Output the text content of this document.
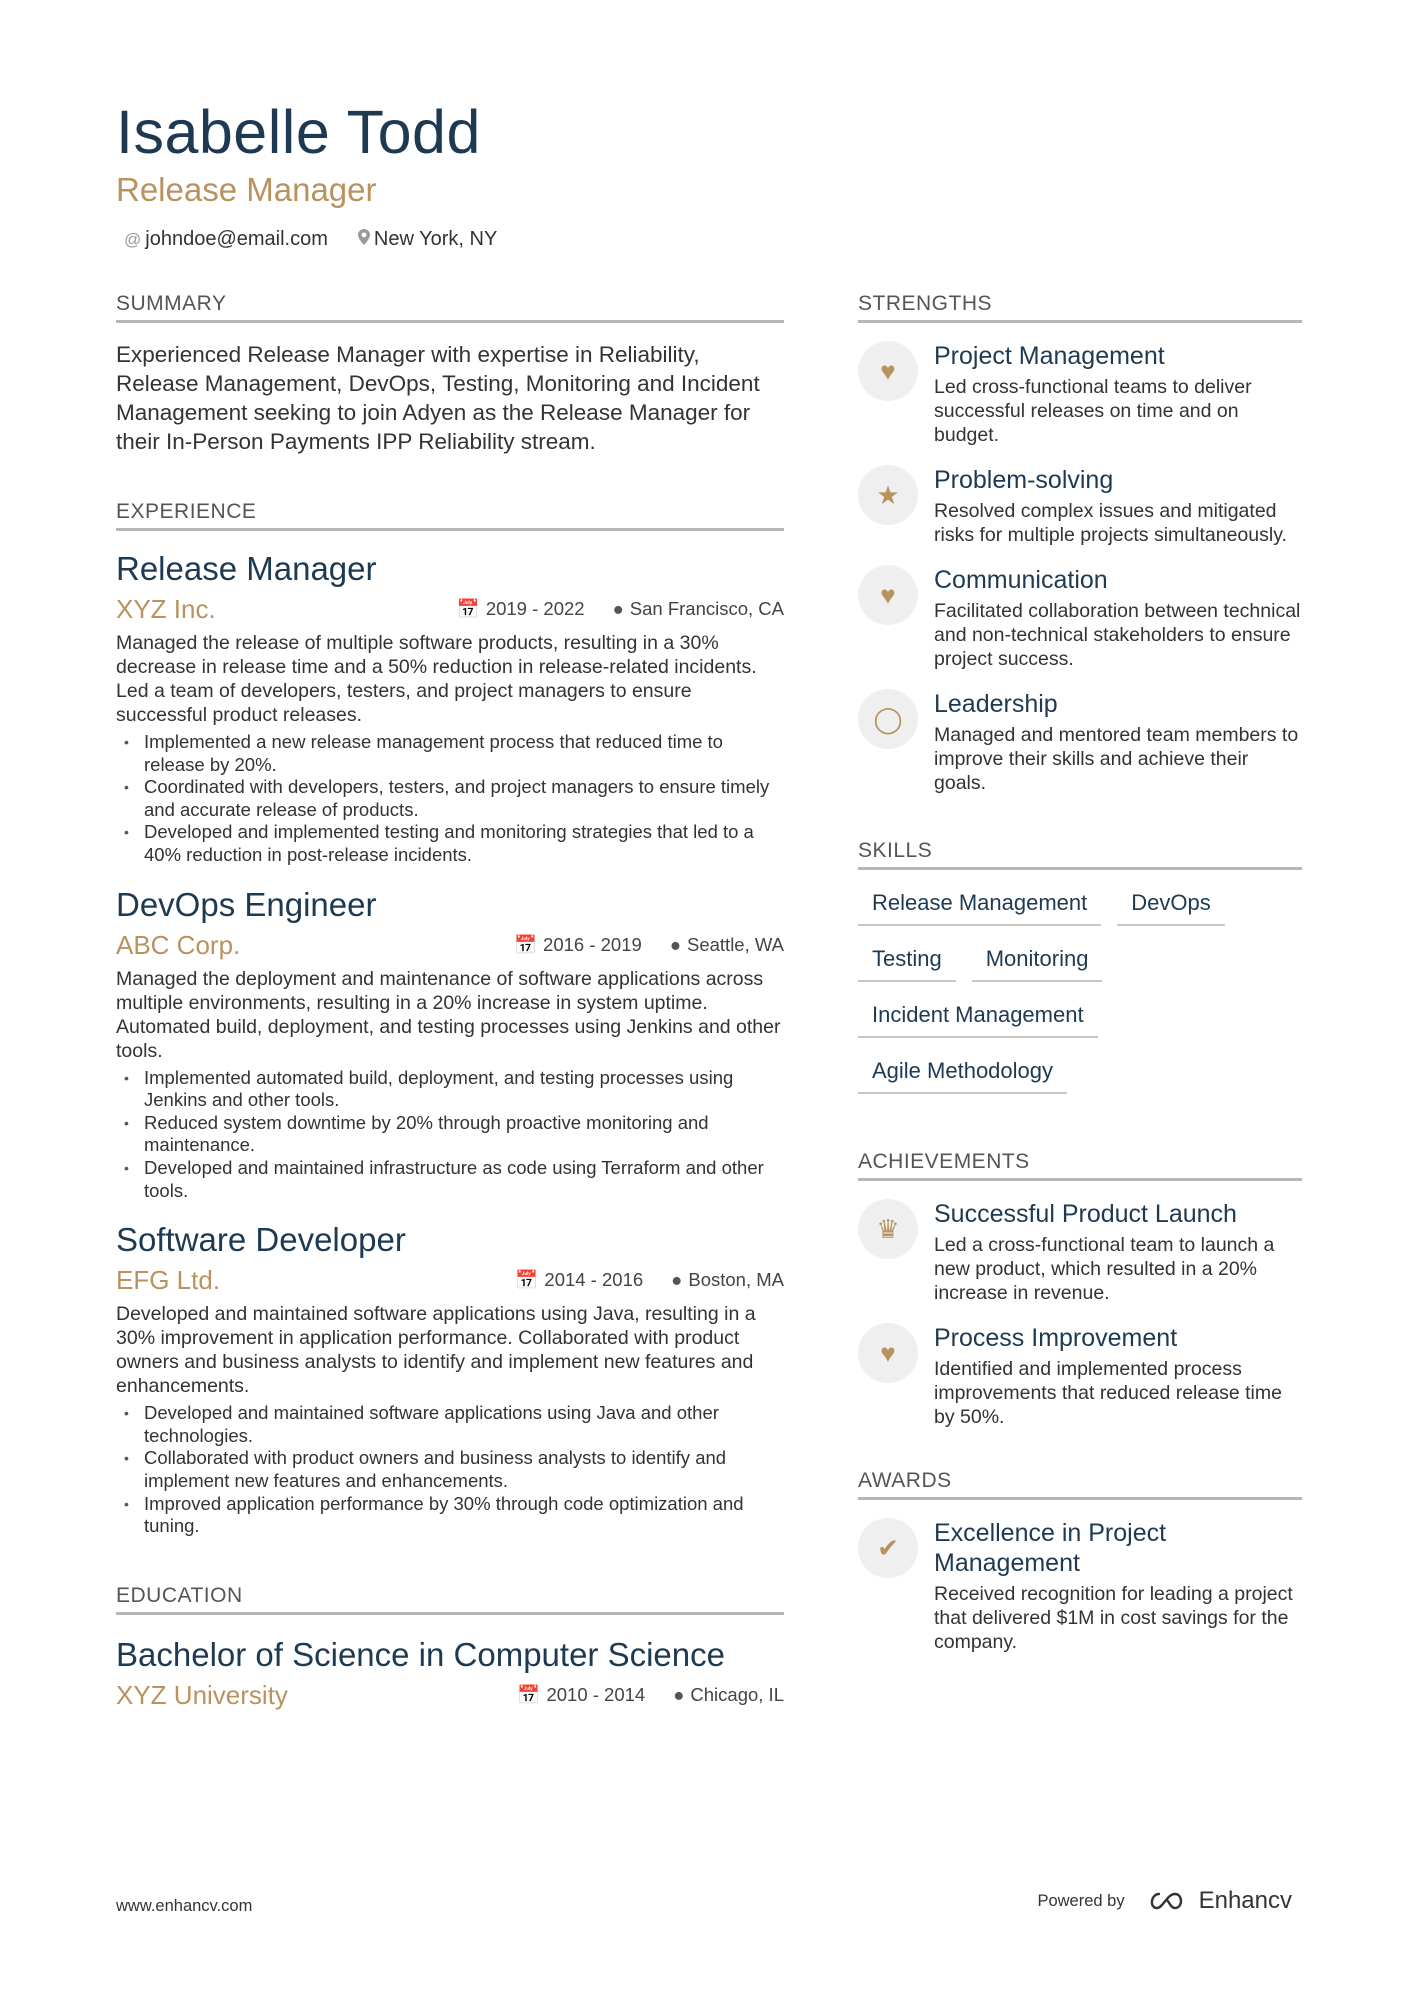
Isabelle Todd
Release Manager
@ johndoe@email.com New York, NY
SUMMARY
Experienced Release Manager with expertise in Reliability, Release Management, DevOps, Testing, Monitoring and Incident Management seeking to join Adyen as the Release Manager for their In-Person Payments IPP Reliability stream.
EXPERIENCE
Release Manager
XYZ Inc.	📅 2019 - 2022 ● San Francisco, CA
Managed the release of multiple software products, resulting in a 30% decrease in release time and a 50% reduction in release-related incidents. Led a team of developers, testers, and project managers to ensure successful product releases.
• Implemented a new release management process that reduced time to release by 20%.
• Coordinated with developers, testers, and project managers to ensure timely and accurate release of products.
• Developed and implemented testing and monitoring strategies that led to a 40% reduction in post-release incidents.
DevOps Engineer
ABC Corp.	📅 2016 - 2019 ● Seattle, WA
Managed the deployment and maintenance of software applications across multiple environments, resulting in a 20% increase in system uptime. Automated build, deployment, and testing processes using Jenkins and other tools.
• Implemented automated build, deployment, and testing processes using Jenkins and other tools.
• Reduced system downtime by 20% through proactive monitoring and maintenance.
• Developed and maintained infrastructure as code using Terraform and other tools.
Software Developer
EFG Ltd.	📅 2014 - 2016 ● Boston, MA
Developed and maintained software applications using Java, resulting in a 30% improvement in application performance. Collaborated with product owners and business analysts to identify and implement new features and enhancements.
• Developed and maintained software applications using Java and other technologies.
• Collaborated with product owners and business analysts to identify and implement new features and enhancements.
• Improved application performance by 30% through code optimization and tuning.
EDUCATION
Bachelor of Science in Computer Science
XYZ University	📅 2010 - 2014 ● Chicago, IL
STRENGTHS
♥	Project Management
Led cross-functional teams to deliver successful releases on time and on budget.
★	Problem-solving
Resolved complex issues and mitigated risks for multiple projects simultaneously.
♥	Communication
Facilitated collaboration between technical and non-technical stakeholders to ensure project success.
◯	Leadership
Managed and mentored team members to improve their skills and achieve their goals.
SKILLS
Release Management	DevOps
Testing	Monitoring
Incident Management
Agile Methodology
ACHIEVEMENTS
♛	Successful Product Launch
Led a cross-functional team to launch a new product, which resulted in a 20% increase in revenue.
♥	Process Improvement
Identified and implemented process improvements that reduced release time by 50%.
AWARDS
✔	Excellence in Project Management
Received recognition for leading a project that delivered $1M in cost savings for the company.
www.enhancv.com	Powered by	Enhancv
